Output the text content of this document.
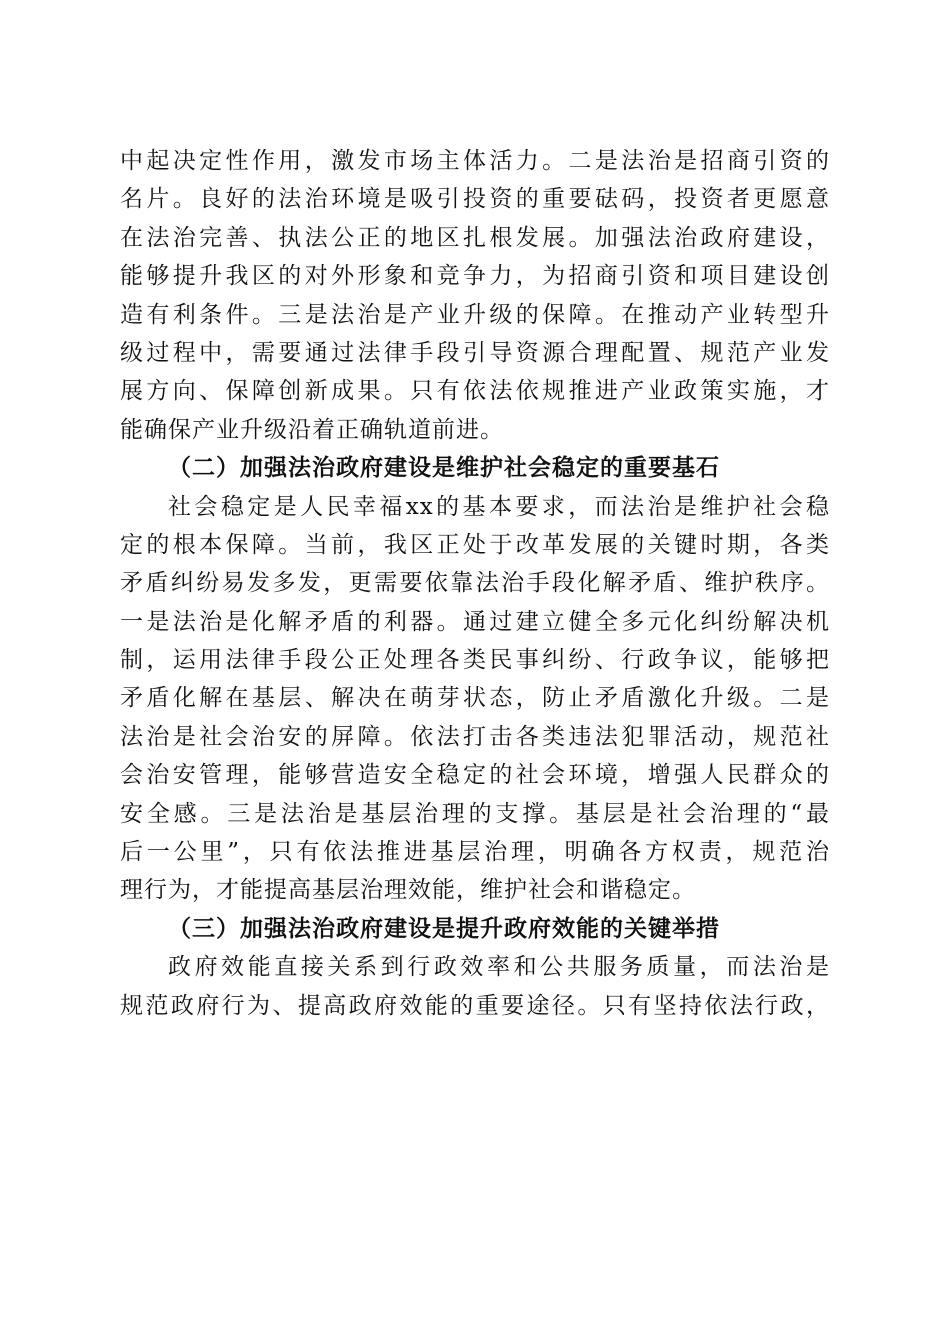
中起决定性作用，激发市场主体活力。二是法治是招商引资的
名片。良好的法治环境是吸引投资的重要砝码，投资者更愿意
在法治完善、执法公正的地区扎根发展。加强法治政府建设，
能够提升我区的对外形象和竞争力，为招商引资和项目建设创
造有利条件。三是法治是产业升级的保障。在推动产业转型升
级过程中，需要通过法律手段引导资源合理配置、规范产业发
展方向、保障创新成果。只有依法依规推进产业政策实施，才
能确保产业升级沿着正确轨道前进。
（二）加强法治政府建设是维护社会稳定的重要基石
社会稳定是人民幸福xx的基本要求，而法治是维护社会稳
定的根本保障。当前，我区正处于改革发展的关键时期，各类
矛盾纠纷易发多发，更需要依靠法治手段化解矛盾、维护秩序。
一是法治是化解矛盾的利器。通过建立健全多元化纠纷解决机
制，运用法律手段公正处理各类民事纠纷、行政争议，能够把
矛盾化解在基层、解决在萌芽状态，防止矛盾激化升级。二是
法治是社会治安的屏障。依法打击各类违法犯罪活动，规范社
会治安管理，能够营造安全稳定的社会环境，增强人民群众的
安全感。三是法治是基层治理的支撑。基层是社会治理的“最
后一公里”，只有依法推进基层治理，明确各方权责，规范治
理行为，才能提高基层治理效能，维护社会和谐稳定。
（三）加强法治政府建设是提升政府效能的关键举措
政府效能直接关系到行政效率和公共服务质量，而法治是
规范政府行为、提高政府效能的重要途径。只有坚持依法行政，
